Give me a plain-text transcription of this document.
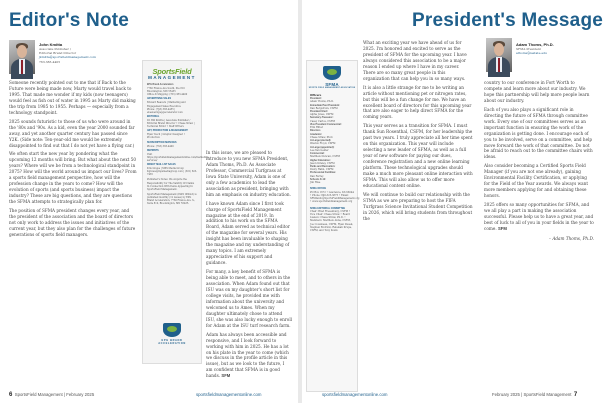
Editor's Note
John Kmitta
Associate Publisher /
Editorial Brand Director
jkmitta@sportsfieldmanagement.com
763-383-4405

Someone recently pointed out to me that if Back to the Future were being made now, Marty would travel back to 1995. That made me wonder if my kids (now teenagers) would feel as fish out of water in 1995 as Marty did making the trip from 1985 to 1955. Perhaps — especially from a technology standpoint.

2025 sounds futuristic to those of us who were around in the '80s and '90s. As a kid, even the year 2000 sounded far away, and yet another quarter century has passed since Y2K. (Side note: Ten-year-old me would be extremely disappointed to find out that I do not yet have a flying car.)

We often start the new year by pondering what the upcoming 12 months will bring. But what about the next 50 years? Where will we be from a technological standpoint in 2075? How will the world around us impact our lives? From a sports field management perspective, how will the profession change in the years to come? How will the evolution of sports (and sports business) impact the industry? These are big questions, and they are questions the SFMA attempts to strategically plan for.

The position of SFMA president changes every year, and the president of the association and the board of directors not only work to address the issues and initiatives of the current year, but they also plan for the challenges of future generations of sports field managers.

SportsField
MANAGEMENT
EPG Brand Acceleration
7760 France Ave South, Ste 810
Bloomington, MN 55435
Office & Shipping: (763) 383-4400
ADVERTISING SALES
Edward Beavers | Marketing and Engagement Sales Executive
Phone: (763) 383-4455 | ebeavers@epgaccelerator.com
EDITORIAL
Dr. Bill Kmitta | Associate Publisher / Editorial Brand Director • Chase Straw | Technical Editor • Staff Writers
ART, PRODUCTION & MANAGEMENT
Ryan Tosch | Graphic Designer • Production
SUBSCRIPTION SERVICES
Phone: (763) 383-4400
REPRINTS
Visit https://sportsfieldmanagementonline.com/marketing-services/
DIRECT MAIL LIST SALES
Kris Grewe | MPS Media Group
Kgrewe@mpsmediagroup.com | (631) 823-7435
Publisher's Notes: We Acquire the Responsibility for The Validity Of Claims In Connection With Items Appearing In SportsField Management.
SportsField Management (ISSN 0894-6) is published monthly (12 issues) by EPG Brand Acceleration, 7760 France Ave. S., Suite 810, Bloomington, MN 55435.
EPG BRAND
ACCELERATION

In this issue, we are pleased to introduce to you new SFMA President, Adam Thoms, Ph.D. As Associate Professor, Commercial Turfgrass at Iowa State University, Adam is one of only a few academics to lead the association as president, bringing with him an emphasis on industry education.

I have known Adam since I first took charge of SportsField Management magazine at the end of 2019. In addition to his work on the SFMA Board, Adam served as technical editor of the magazine for several years. His insight has been invaluable to shaping the magazine and my understanding of many topics. I am extremely appreciative of his support and guidance.

For many, a key benefit of SFMA is being able to meet, and to others in the association. When Adam found out that ISU was on my daughter's short list for college visits, he provided me with information about the university and welcomed us to Ames. When my daughter ultimately chose to attend ISU, she was also lucky enough to enroll for Adam at the ISU turf research farm.

Adam has always been accessible and responsive, and I look forward to working with him in 2025. He has a lot on his plate in the year to come (which we discuss in the profile article in this issue), but as we look to the future, I am confident that SFMA is in good hands. SFM

6 SportsField Management | February 2025	sportsfieldmanagementonline.com
President's Message
SFMA
SPORTS FIELD MANAGEMENT ASSOCIATION
Officers
President:
Adam Thoms, Ph.D.
Immediate Past President:
Dan Bergstrom, CSFM
President Elect:
Alpha Jones, CSFM
Secretary-Treasurer:
Casey Carlos, CSFM
Vice President Commercial:
Erin Ritter
Directors
Academic:
Chase Straw, Ph.D.
At-Large (elected):
Weston Floyd, CSFM
At-Large (appointed):
Lee Van Gelder
Commercial:
Matthew Duncan, CSFM
Higher Education:
Jason Kiteley, CSFM
Parks and Recreation:
Dusty Hahn, CSFM
Professional Facilities:
Dan Farrey
Schools K-12:
Jim Hise
SFMA OFFICE
PO Box 1672 • Lawrence, KS 66044 • Phone: 800-323-3875 • Email: SFMAinfo@SportsFieldManagement.org • www.sportsfieldmanagement.org
SFMA EDITORIAL COMMITTEE
Chair: Brad Fresenburg, CSFM • Vice Chair: Chase Straw • Board Liaison: Chase Straw, Ph.D. • Members: Matthew Anna, CSFM, Joe Cousineau, CSFM, Ryan Dusek, Stephen Endrizzi, Rebekah Krupa, CSFM, and Tony Koski.

What an exciting year we have ahead of us for 2025. I'm honored and excited to serve as the president of SFMA for the upcoming year. I have always considered this association to be a major reason I ended up where I have in my career. There are so many great people in this organization that can help you in so many ways.

It is also a little strange for me to be writing an article without mentioning pet or nitrogen rates, but this will be a fun change for me. We have an excellent board of directors for this upcoming year that are also eager to help direct SFMA for the coming years.

This year serves as a transition for SFMA. I must thank Sun Rosenthal, CSFM, for her leadership the past two years. I truly appreciate all her time spent on this organization. This year will include selecting a new leader of SFMA, as well as a full year of new software for paying our dues, conference registration and a new online learning platform. These technological upgrades should make a much more pleasant online interaction with SFMA. This will also allow us to offer more educational content online.

We will continue to build our relationship with the STMA as we are preparing to host the FIFA Turfgrass Science Invitational Student Competition in 2026, which will bring students from throughout the

Adam Thoms, Ph.D.
SFMA President
athoms@iastate.edu

country to our conference in Fort Worth to compete and learn more about our industry. We hope this partnership will help more people learn about our industry.

Each of you also plays a significant role in directing the future of SFMA through committee work. Every one of our committees serves as an important function in ensuring the work of the organization is getting done. I encourage each of you to be involved, serve on a committee, and help move forward the work of that committee. Do not be afraid to reach out to the committee chairs with ideas.

Also consider becoming a Certified Sports Field Manager (if you are not one already), gaining Environmental Facility Certification, or applying for the Field of the Year awards. We always want more members applying for and obtaining these honors.

2025 offers so many opportunities for SFMA, and we all play a part in making the association successful. Please help us to have a great year, and best of luck to all of you in your fields in the year to come. SFM

– Adam Thoms, Ph.D.
sportsfieldmanagementonline.com	February 2025 | SportsField Management 7
